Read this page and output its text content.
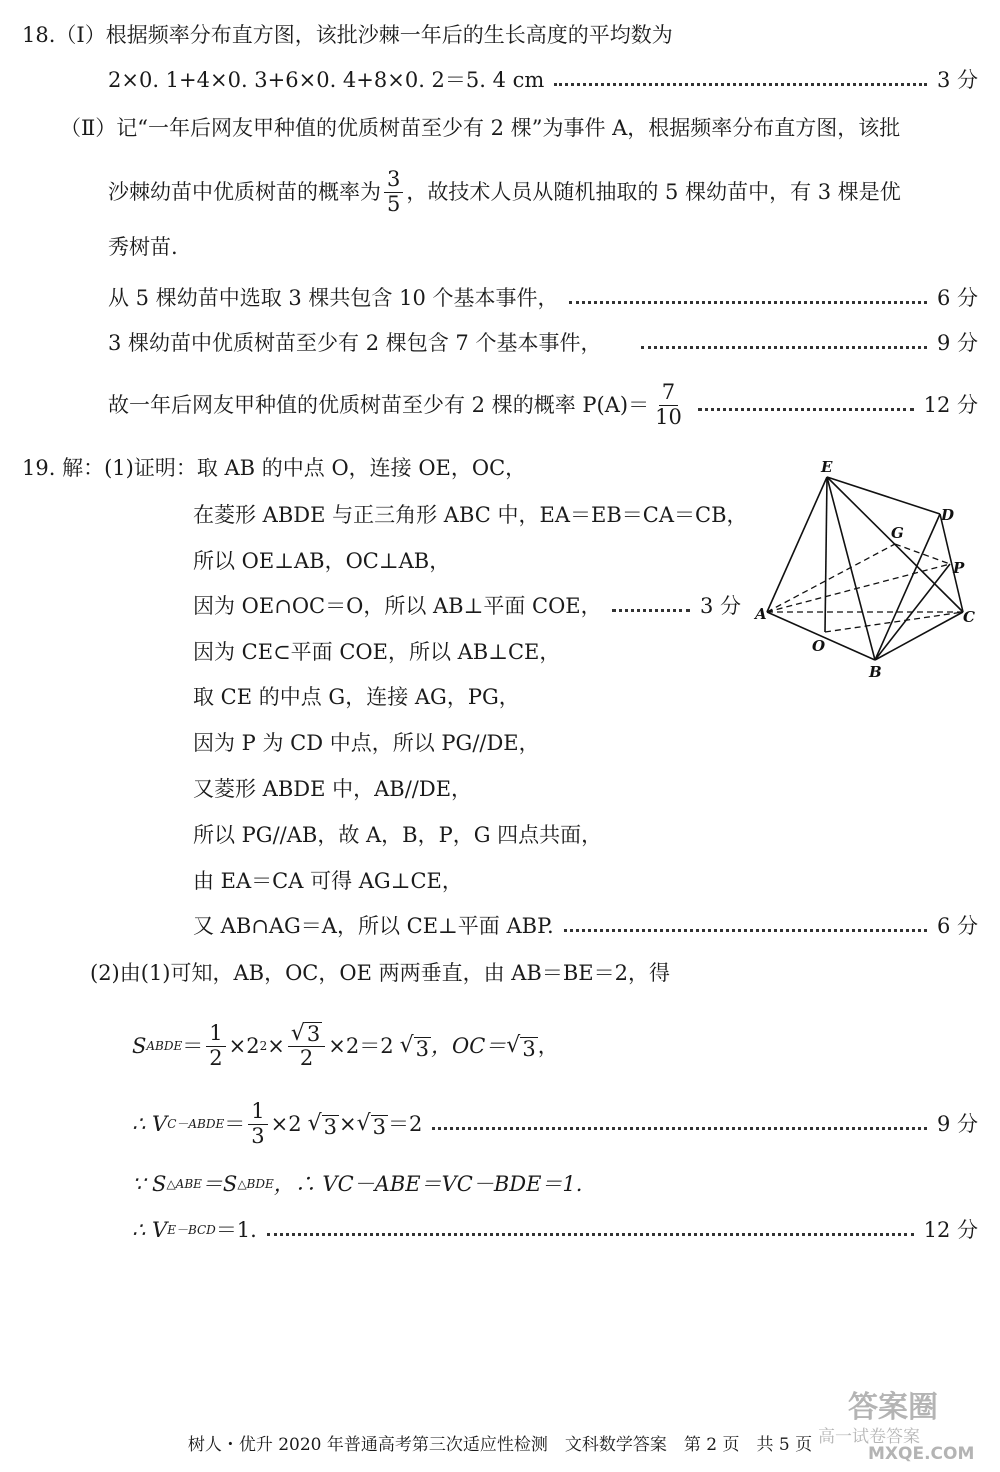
18.（Ⅰ）根据频率分布直方图，该批沙棘一年后的生长高度的平均数为
2×0. 1+4×0. 3+6×0. 4+8×0. 2＝5. 4 cm	3 分
（Ⅱ）记“一年后网友甲种值的优质树苗至少有 2 棵”为事件 A，根据频率分布直方图，该批
沙棘幼苗中优质树苗的概率为 $\frac{3}{5}$ ，故技术人员从随机抽取的 5 棵幼苗中，有 3 棵是优
秀树苗.
从 5 棵幼苗中选取 3 棵共包含 10 个基本事件，	6 分
3 棵幼苗中优质树苗至少有 2 棵包含 7 个基本事件，	9 分
故一年后网友甲种值的优质树苗至少有 2 棵的概率 $P(A)= \frac{7}{10}$	12 分
19. 解：(1)证明：取 AB 的中点 O，连接 OE，OC，
在菱形 ABDE 与正三角形 ABC 中，EA＝EB＝CA＝CB，
所以 OE⊥AB，OC⊥AB，
因为 OE∩OC＝O，所以 AB⊥平面 COE，	3 分
因为 CE⊂平面 COE，所以 AB⊥CE，
取 CE 的中点 G，连接 AG，PG，
因为 P 为 CD 中点，所以 PG//DE，
又菱形 ABDE 中，AB//DE，
所以 PG//AB，故 A，B，P，G 四点共面，
由 EA＝CA 可得 AG⊥CE，
又 AB∩AG＝A，所以 CE⊥平面 ABP.	6 分
(2)由(1)可知，AB，OC，OE 两两垂直，由 AB＝BE＝2，得
S ABDE ＝ $\frac{1}{2} \times 2$ $2 \times \frac{√ 3}{2} \times 2=2$ √ 3 ，OC＝ √ 3 ，
∴ V C－ABDE ＝ $\frac{1}{3} \times 2$ √ 3 × √ 3 ＝2	9 分
∵ S △ABE ＝S △BDE ，∴ VC－ABE＝VC－BDE＝1.
∴ V E－BCD ＝1.	12 分
E
D
G
P
A	C
O
B
树人・优升 2020 年普通高考第三次适应性检测　文科数学答案　第 2 页　共 5 页
答案圈
高一试卷答案
MXQE.COM
